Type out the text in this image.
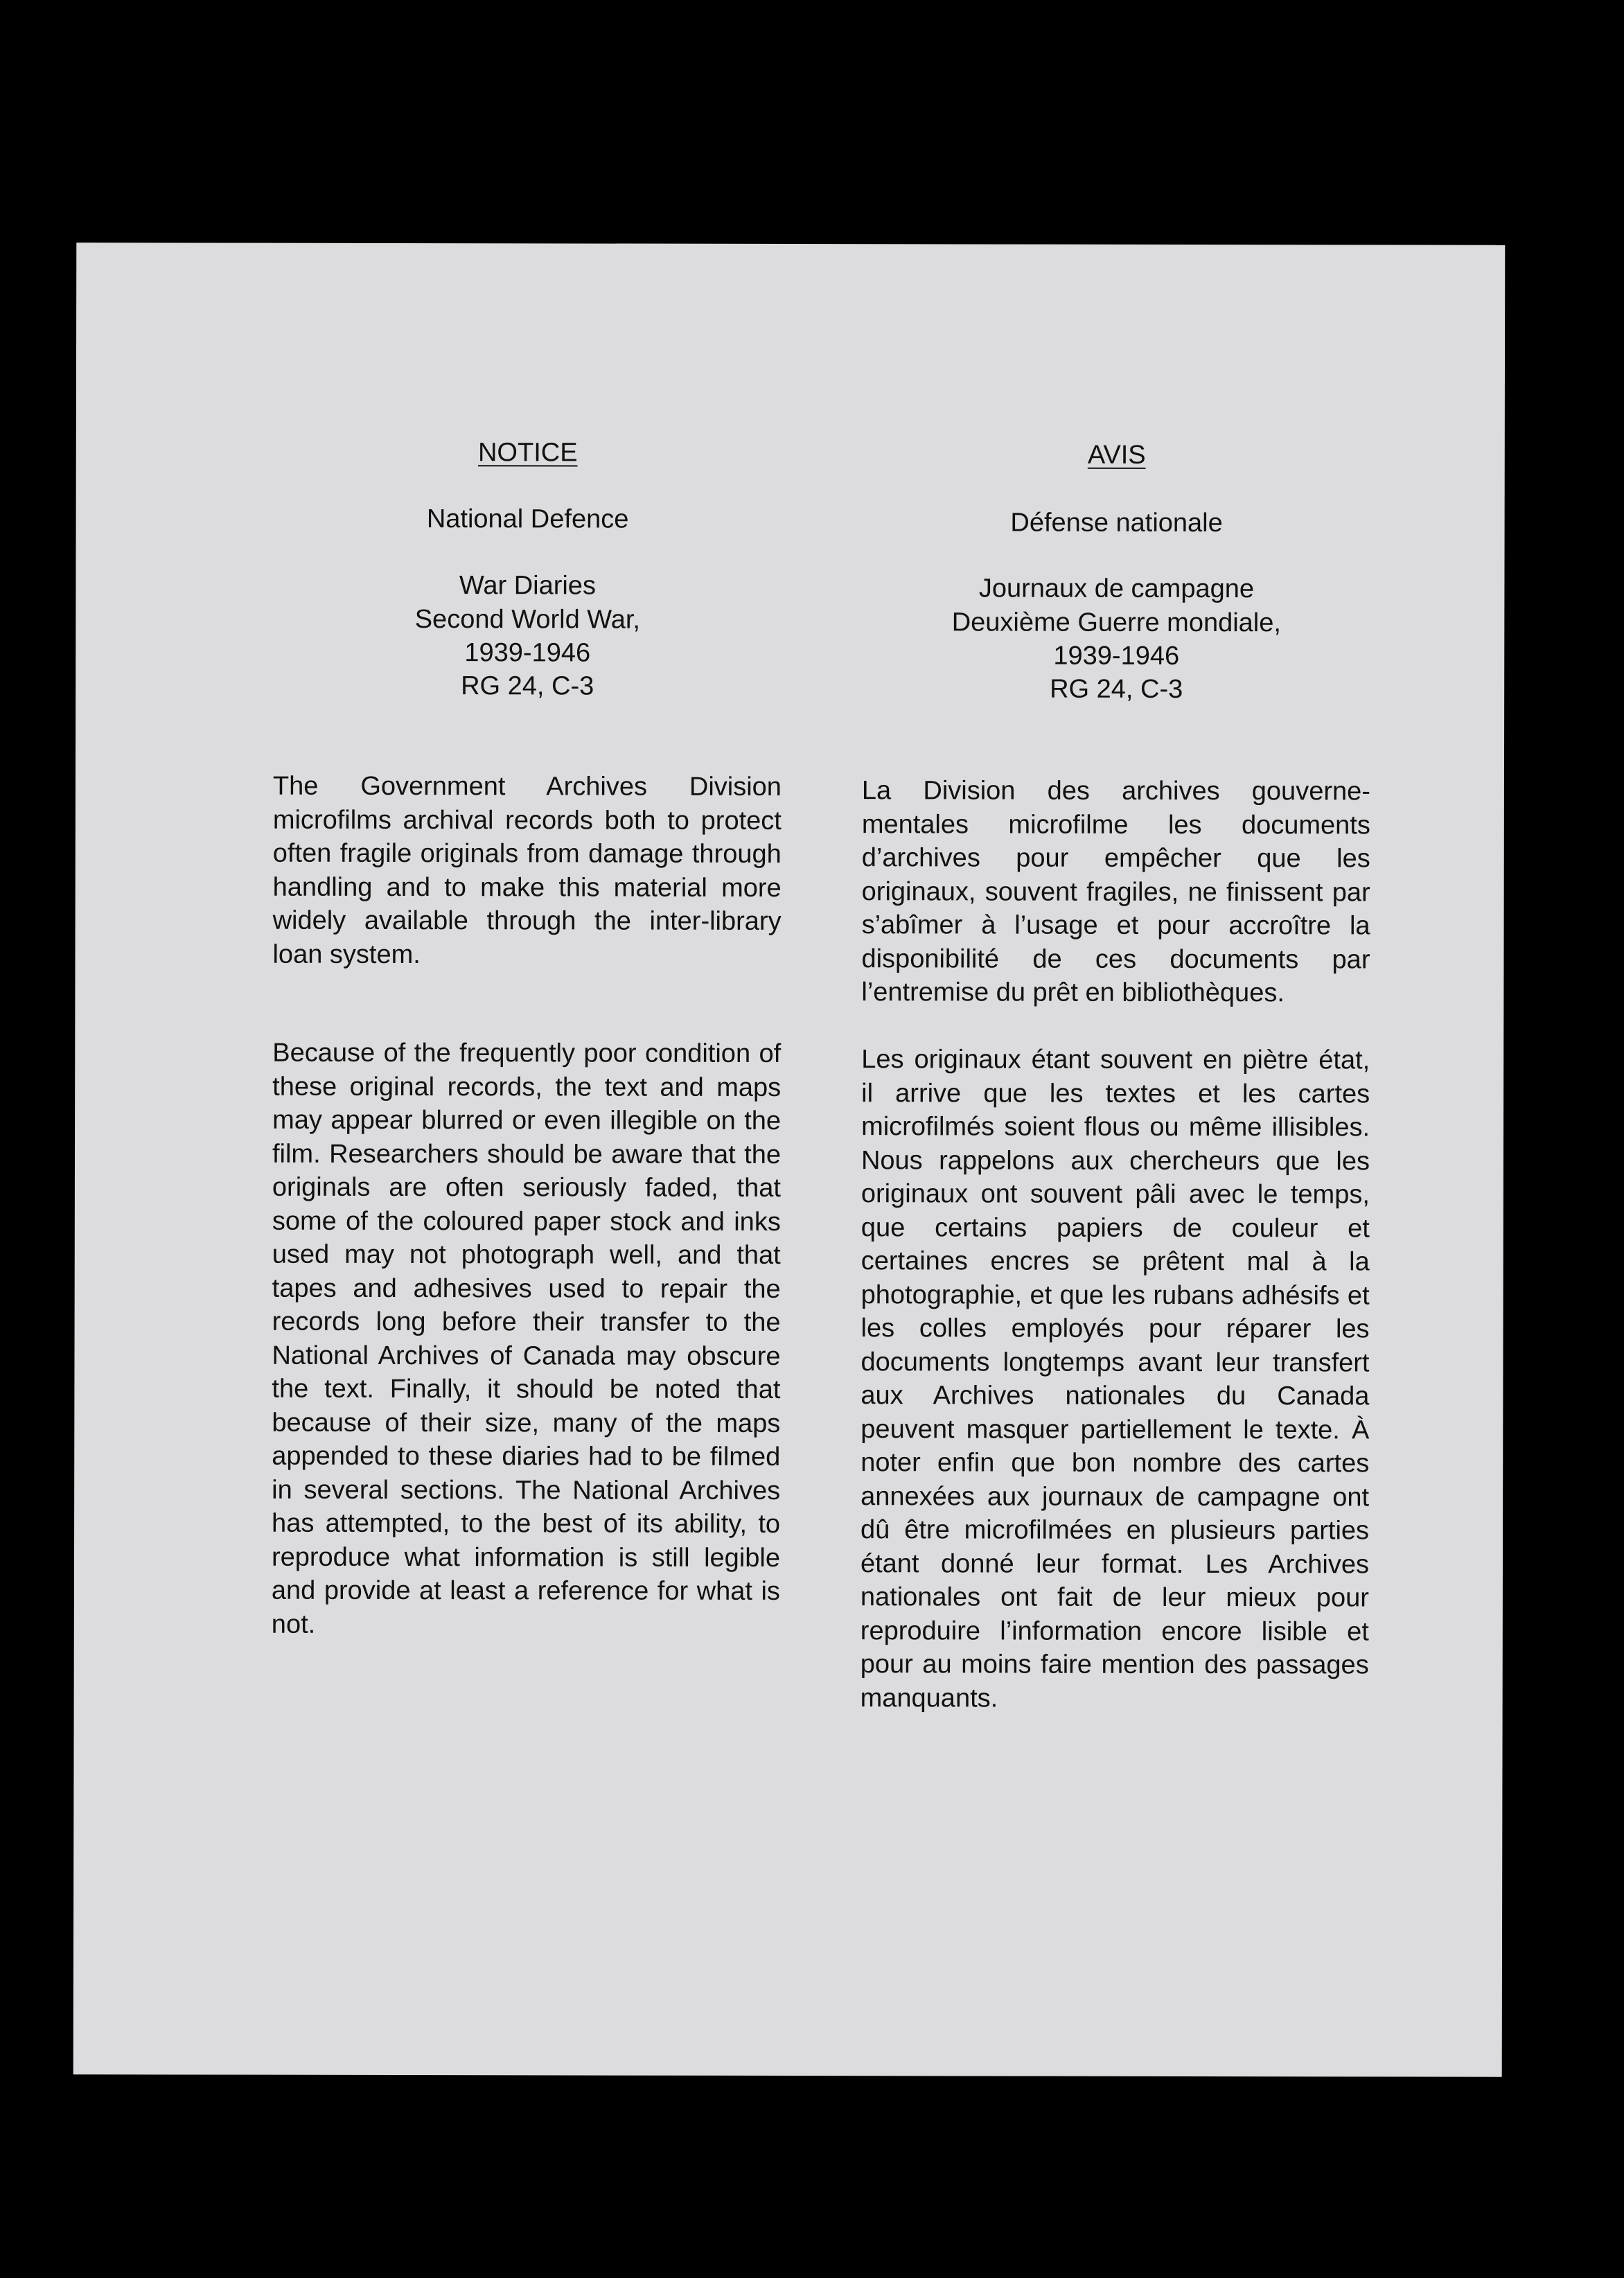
NOTICE
National Defence
War Diaries
Second World War,
1939-1946
RG 24, C-3
The Government Archives Division microfilms archival records both to protect often fragile originals from damage through handling and to make this material more widely available through the inter-library loan system.
Because of the frequently poor condition of these original records, the text and maps may appear blurred or even illegible on the film. Researchers should be aware that the originals are often seriously faded, that some of the coloured paper stock and inks used may not photograph well, and that tapes and adhesives used to repair the records long before their transfer to the National Archives of Canada may obscure the text. Finally, it should be noted that because of their size, many of the maps appended to these diaries had to be filmed in several sections. The National Archives has attempted, to the best of its ability, to reproduce what information is still legible and provide at least a reference for what is not.
AVIS
Défense nationale
Journaux de campagne
Deuxième Guerre mondiale,
1939-1946
RG 24, C-3
La Division des archives gouverne-mentales microfilme les documents d’archives pour empêcher que les originaux, souvent fragiles, ne finissent par s’abîmer à l’usage et pour accroître la disponibilité de ces documents par l’entremise du prêt en bibliothèques.
Les originaux étant souvent en piètre état, il arrive que les textes et les cartes microfilmés soient flous ou même illisibles. Nous rappelons aux chercheurs que les originaux ont souvent pâli avec le temps, que certains papiers de couleur et certaines encres se prêtent mal à la photographie, et que les rubans adhésifs et les colles employés pour réparer les documents longtemps avant leur transfert aux Archives nationales du Canada peuvent masquer partiellement le texte. À noter enfin que bon nombre des cartes annexées aux journaux de campagne ont dû être microfilmées en plusieurs parties étant donné leur format. Les Archives nationales ont fait de leur mieux pour reproduire l’information encore lisible et pour au moins faire mention des passages manquants.
